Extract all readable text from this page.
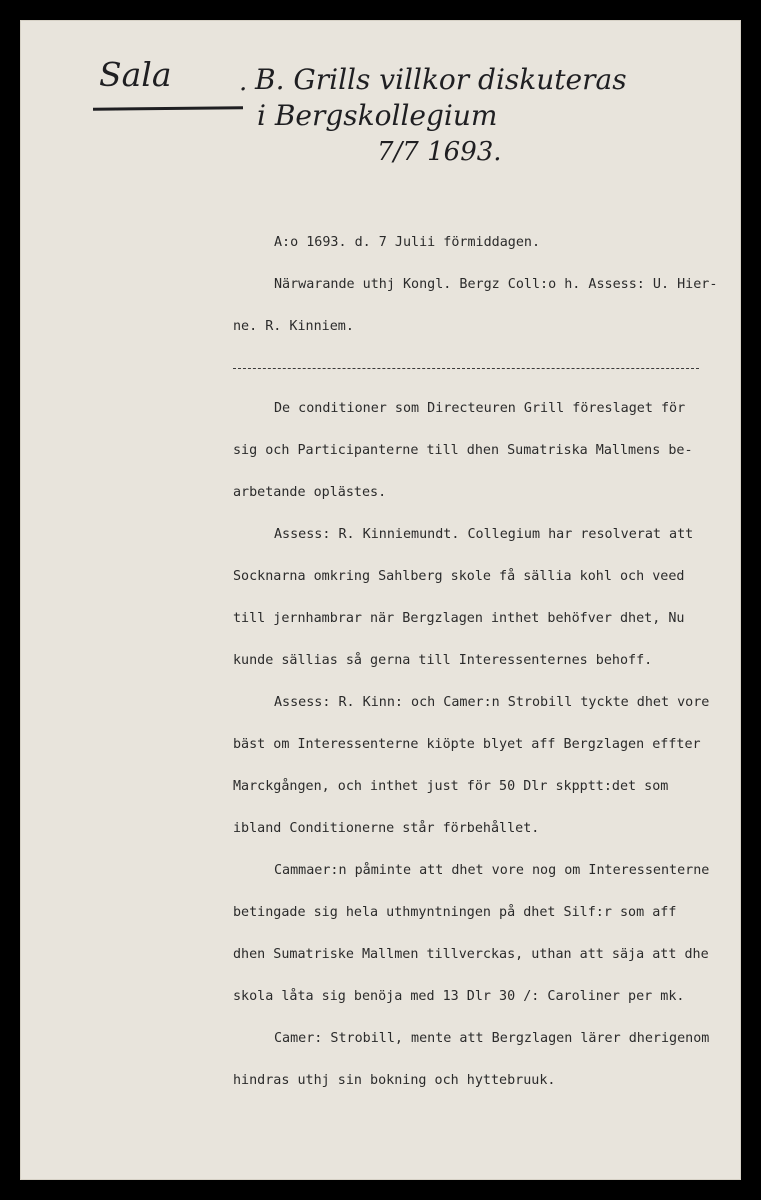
Sala	. B. Grills villkor diskuteras
i Bergskollegium
7/7 1693.
A:o 1693. d. 7 Julii förmiddagen.
Närwarande uthj Kongl. Bergz Coll:o h. Assess: U. Hier-
ne. R. Kinniem.
De conditioner som Directeuren Grill föreslaget för
sig och Participanterne till dhen Sumatriska Mallmens be-
arbetande oplästes.
Assess: R. Kinniemundt. Collegium har resolverat att
Socknarna omkring Sahlberg skole få sällia kohl och veed
till jernhambrar när Bergzlagen inthet behöfver dhet, Nu
kunde sällias så gerna till Interessenternes behoff.
Assess: R. Kinn: och Camer:n Strobill tyckte dhet vore
bäst om Interessenterne kiöpte blyet aff Bergzlagen effter
Marckgången, och inthet just för 50 Dlr skpptt:det som
ibland Conditionerne står förbehållet.
Cammaer:n påminte att dhet vore nog om Interessenterne
betingade sig hela uthmyntningen på dhet Silf:r som aff
dhen Sumatriske Mallmen tillverckas, uthan att säja att dhe
skola låta sig benöja med 13 Dlr 30 /: Caroliner per mk.
Camer: Strobill, mente att Bergzlagen lärer dherigenom
hindras uthj sin bokning och hyttebruuk.
